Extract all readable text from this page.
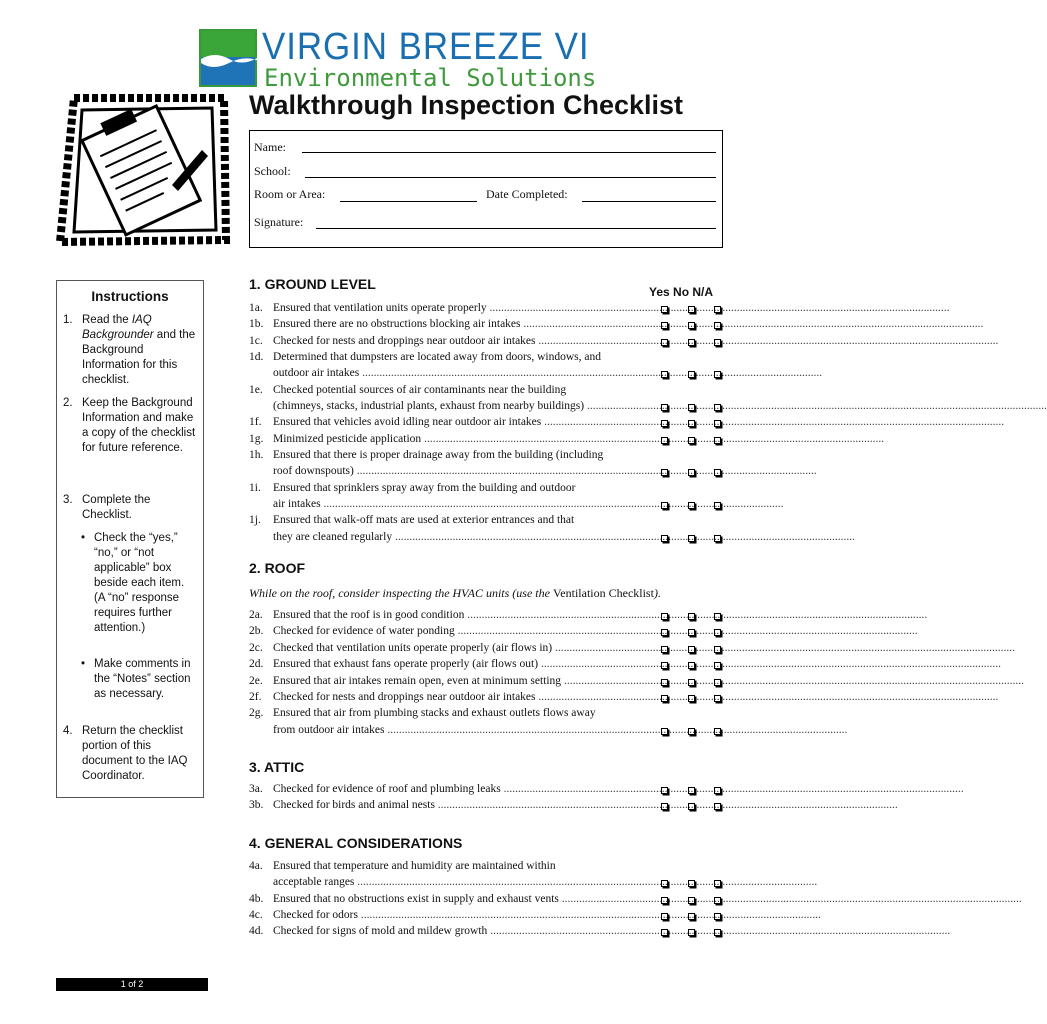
VIRGIN BREEZE VI
Environmental Solutions
Walkthrough Inspection Checklist
Name:
School:
Room or Area:	Date Completed:
Signature:
Instructions
1. Read the IAQ Backgrounder and the Background Information for this checklist.
2. Keep the Background Information and make a copy of the checklist for future reference.
3. Complete the Checklist.
• Check the “yes,” “no,” or “not applicable” box beside each item. (A “no” response requires further attention.)
• Make comments in the “Notes” section as necessary.
4. Return the checklist portion of this document to the IAQ Coordinator.
1. GROUND LEVEL	Yes No N/A
2. ROOF
While on the roof, consider inspecting the HVAC units (use the Ventilation Checklist).
3. ATTIC
4. GENERAL CONSIDERATIONS
1a. Ensured that ventilation units operate properly ................................................................................................................................................................
1b. Ensured there are no obstructions blocking air intakes ................................................................................................................................................................
1c. Checked for nests and droppings near outdoor air intakes ................................................................................................................................................................
1d. Determined that dumpsters are located away from doors, windows, and
outdoor air intakes ................................................................................................................................................................
1e. Checked potential sources of air contaminants near the building
(chimneys, stacks, industrial plants, exhaust from nearby buildings) ................................................................................................................................................................
1f. Ensured that vehicles avoid idling near outdoor air intakes ................................................................................................................................................................
1g. Minimized pesticide application ................................................................................................................................................................
1h. Ensured that there is proper drainage away from the building (including
roof downspouts) ................................................................................................................................................................
1i. Ensured that sprinklers spray away from the building and outdoor
air intakes ................................................................................................................................................................
1j. Ensured that walk-off mats are used at exterior entrances and that
they are cleaned regularly ................................................................................................................................................................
2a. Ensured that the roof is in good condition ................................................................................................................................................................
2b. Checked for evidence of water ponding ................................................................................................................................................................
2c. Checked that ventilation units operate properly (air flows in) ................................................................................................................................................................
2d. Ensured that exhaust fans operate properly (air flows out) ................................................................................................................................................................
2e. Ensured that air intakes remain open, even at minimum setting ................................................................................................................................................................
2f. Checked for nests and droppings near outdoor air intakes ................................................................................................................................................................
2g. Ensured that air from plumbing stacks and exhaust outlets flows away
from outdoor air intakes ................................................................................................................................................................
3a. Checked for evidence of roof and plumbing leaks ................................................................................................................................................................
3b. Checked for birds and animal nests ................................................................................................................................................................
4a. Ensured that temperature and humidity are maintained within
acceptable ranges ................................................................................................................................................................
4b. Ensured that no obstructions exist in supply and exhaust vents ................................................................................................................................................................
4c. Checked for odors ................................................................................................................................................................
4d. Checked for signs of mold and mildew growth ................................................................................................................................................................
1 of 2
